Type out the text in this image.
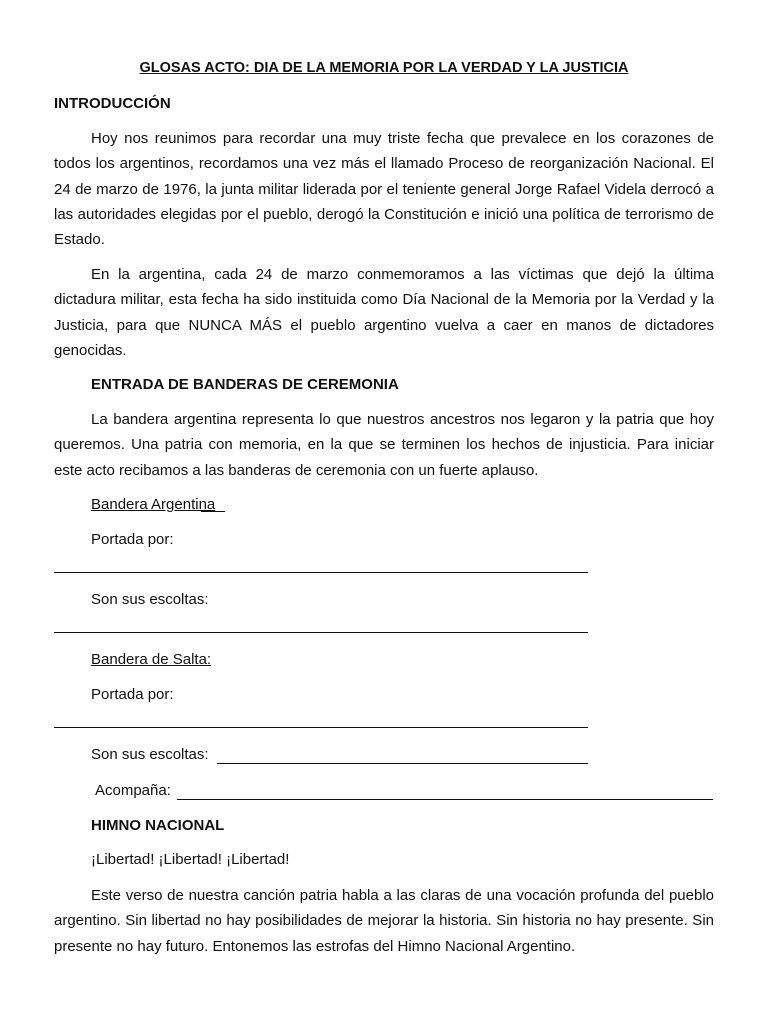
GLOSAS ACTO: DIA DE LA MEMORIA POR LA VERDAD Y LA JUSTICIA
INTRODUCCIÓN

Hoy nos reunimos para recordar una muy triste fecha que prevalece en los corazones de todos los argentinos, recordamos una vez más el llamado Proceso de reorganización Nacional. El 24 de marzo de 1976, la junta militar liderada por el teniente general Jorge Rafael Videla derrocó a las autoridades elegidas por el pueblo, derogó la Constitución e inició una política de terrorismo de Estado.

En la argentina, cada 24 de marzo conmemoramos a las víctimas que dejó la última dictadura militar, esta fecha ha sido instituida como Día Nacional de la Memoria por la Verdad y la Justicia, para que NUNCA MÁS el pueblo argentino vuelva a caer en manos de dictadores genocidas.

ENTRADA DE BANDERAS DE CEREMONIA

La bandera argentina representa lo que nuestros ancestros nos legaron y la patria que hoy queremos. Una patria con memoria, en la que se terminen los hechos de injusticia. Para iniciar este acto recibamos a las banderas de ceremonia con un fuerte aplauso.

Bandera Argentina
Portada por:
Son sus escoltas:
Bandera de Salta:
Portada por:
Son sus escoltas:
Acompaña:
HIMNO NACIONAL
¡Libertad! ¡Libertad! ¡Libertad!

Este verso de nuestra canción patria habla a las claras de una vocación profunda del pueblo argentino. Sin libertad no hay posibilidades de mejorar la historia. Sin historia no hay presente. Sin presente no hay futuro. Entonemos las estrofas del Himno Nacional Argentino.
